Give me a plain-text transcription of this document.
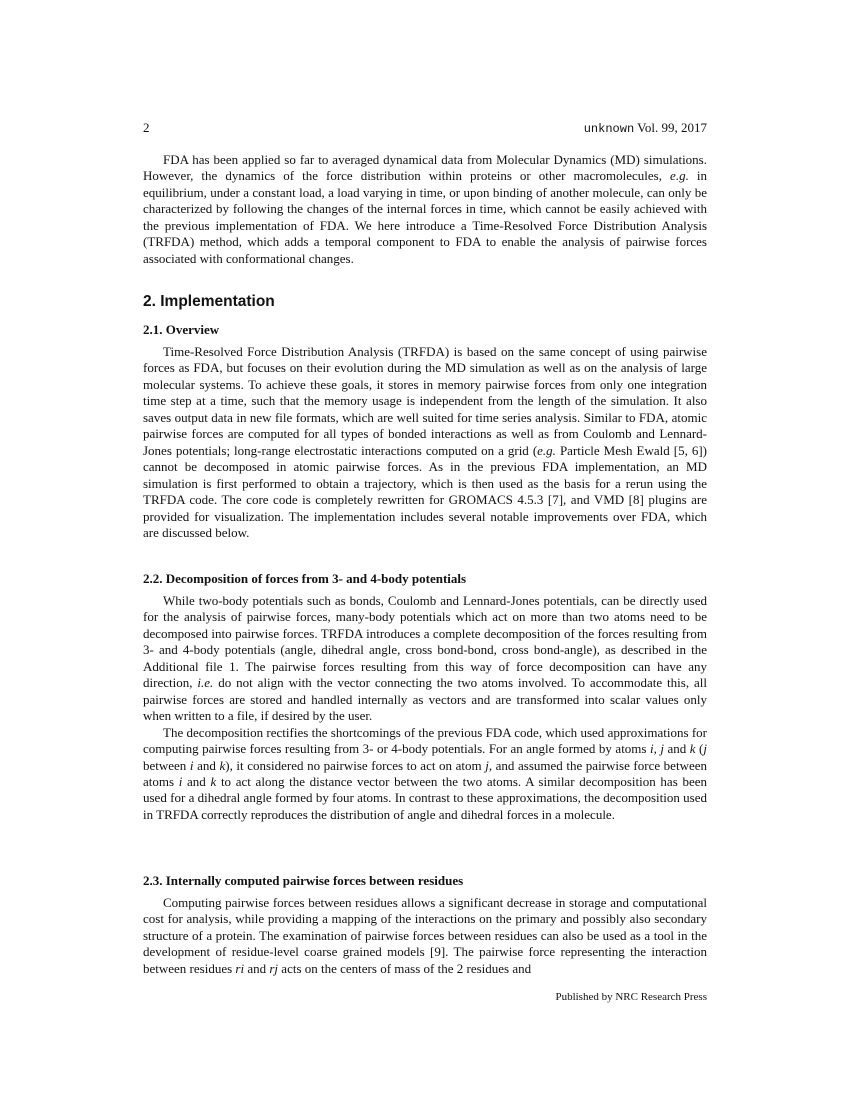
2	unknown Vol. 99, 2017

FDA has been applied so far to averaged dynamical data from Molecular Dynamics (MD) simulations. However, the dynamics of the force distribution within proteins or other macromolecules, e.g. in equilibrium, under a constant load, a load varying in time, or upon binding of another molecule, can only be characterized by following the changes of the internal forces in time, which cannot be easily achieved with the previous implementation of FDA. We here introduce a Time-Resolved Force Distribution Analysis (TRFDA) method, which adds a temporal component to FDA to enable the analysis of pairwise forces associated with conformational changes.

2. Implementation
2.1. Overview

Time-Resolved Force Distribution Analysis (TRFDA) is based on the same concept of using pairwise forces as FDA, but focuses on their evolution during the MD simulation as well as on the analysis of large molecular systems. To achieve these goals, it stores in memory pairwise forces from only one integration time step at a time, such that the memory usage is independent from the length of the simulation. It also saves output data in new file formats, which are well suited for time series analysis. Similar to FDA, atomic pairwise forces are computed for all types of bonded interactions as well as from Coulomb and Lennard-Jones potentials; long-range electrostatic interactions computed on a grid (e.g. Particle Mesh Ewald [5, 6]) cannot be decomposed in atomic pairwise forces. As in the previous FDA implementation, an MD simulation is first performed to obtain a trajectory, which is then used as the basis for a rerun using the TRFDA code. The core code is completely rewritten for GROMACS 4.5.3 [7], and VMD [8] plugins are provided for visualization. The implementation includes several notable improvements over FDA, which are discussed below.

2.2. Decomposition of forces from 3- and 4-body potentials

While two-body potentials such as bonds, Coulomb and Lennard-Jones potentials, can be directly used for the analysis of pairwise forces, many-body potentials which act on more than two atoms need to be decomposed into pairwise forces. TRFDA introduces a complete decomposition of the forces resulting from 3- and 4-body potentials (angle, dihedral angle, cross bond-bond, cross bond-angle), as described in the Additional file 1. The pairwise forces resulting from this way of force decomposition can have any direction, i.e. do not align with the vector connecting the two atoms involved. To accommodate this, all pairwise forces are stored and handled internally as vectors and are transformed into scalar values only when written to a file, if desired by the user.

The decomposition rectifies the shortcomings of the previous FDA code, which used approximations for computing pairwise forces resulting from 3- or 4-body potentials. For an angle formed by atoms i, j and k (j between i and k), it considered no pairwise forces to act on atom j, and assumed the pairwise force between atoms i and k to act along the distance vector between the two atoms. A similar decomposition has been used for a dihedral angle formed by four atoms. In contrast to these approximations, the decomposition used in TRFDA correctly reproduces the distribution of angle and dihedral forces in a molecule.

2.3. Internally computed pairwise forces between residues

Computing pairwise forces between residues allows a significant decrease in storage and computational cost for analysis, while providing a mapping of the interactions on the primary and possibly also secondary structure of a protein. The examination of pairwise forces between residues can also be used as a tool in the development of residue-level coarse grained models [9]. The pairwise force representing the interaction between residues ri and rj acts on the centers of mass of the 2 residues and

Published by NRC Research Press
